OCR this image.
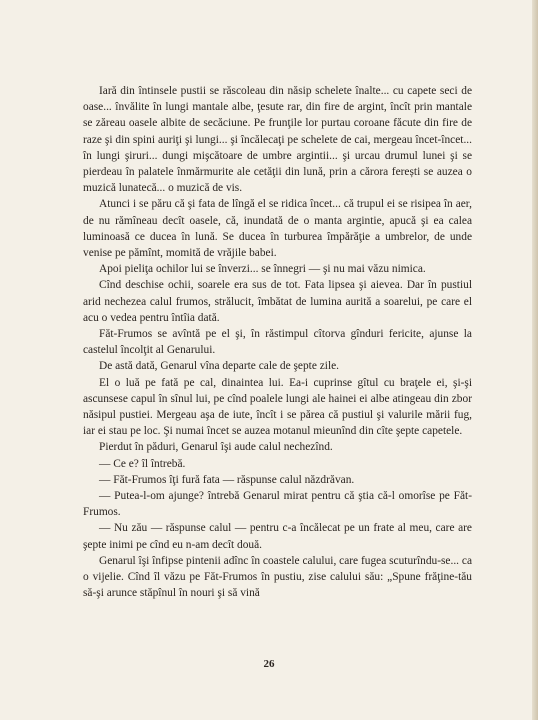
Iară din întinsele pustii se răscoleau din năsip schelete înalte... cu capete seci de oase... învălite în lungi mantale albe, ţesute rar, din fire de argint, încît prin mantale se zăreau oasele albite de secăciune. Pe frunţile lor purtau coroane făcute din fire de raze şi din spini auriţi şi lungi... şi încălecaţi pe schelete de cai, mergeau încet-încet... în lungi şiruri... dungi mişcătoare de umbre argintii... şi urcau drumul lunei şi se pierdeau în palatele înmărmurite ale cetăţii din lună, prin a cărora ferești se auzea o muzică lunatecă... o muzică de vis.

Atunci i se păru că şi fata de lîngă el se ridica încet... că trupul ei se risipea în aer, de nu rămîneau decît oasele, că, inundată de o manta argintie, apucă şi ea calea luminoasă ce ducea în lună. Se ducea în turburea împărăţie a umbrelor, de unde venise pe pămînt, momită de vrăjile babei.

Apoi pieliţa ochilor lui se înverzi... se înnegri — şi nu mai văzu nimica.

Cînd deschise ochii, soarele era sus de tot. Fata lipsea şi aievea. Dar în pustiul arid nechezea calul frumos, strălucit, îmbătat de lumina aurită a soarelui, pe care el acu o vedea pentru întîia dată.

Făt-Frumos se avîntă pe el şi, în răstimpul cîtorva gînduri fericite, ajunse la castelul încolţit al Genarului.

De astă dată, Genarul vîna departe cale de şepte zile.

El o luă pe fată pe cal, dinaintea lui. Ea-i cuprinse gîtul cu braţele ei, şi-şi ascunsese capul în sînul lui, pe cînd poalele lungi ale hainei ei albe atingeau din zbor năsipul pustiei. Mergeau aşa de iute, încît i se părea că pustiul şi valurile mării fug, iar ei stau pe loc. Şi numai încet se auzea motanul mieunînd din cîte şepte capetele.

Pierdut în păduri, Genarul îşi aude calul nechezînd.

— Ce e? îl întrebă.

— Făt-Frumos îţi fură fata — răspunse calul năzdrăvan.

— Putea-l-om ajunge? întrebă Genarul mirat pentru că ştia că-l omorîse pe Făt-Frumos.

— Nu zău — răspunse calul — pentru c-a încălecat pe un frate al meu, care are şepte inimi pe cînd eu n-am decît două.

Genarul îşi înfipse pintenii adînc în coastele calului, care fugea scuturîndu-se... ca o vijelie. Cînd îl văzu pe Făt-Frumos în pustiu, zise calului său: „Spune frăţine-tău să-şi arunce stăpînul în nouri şi să vină

26
